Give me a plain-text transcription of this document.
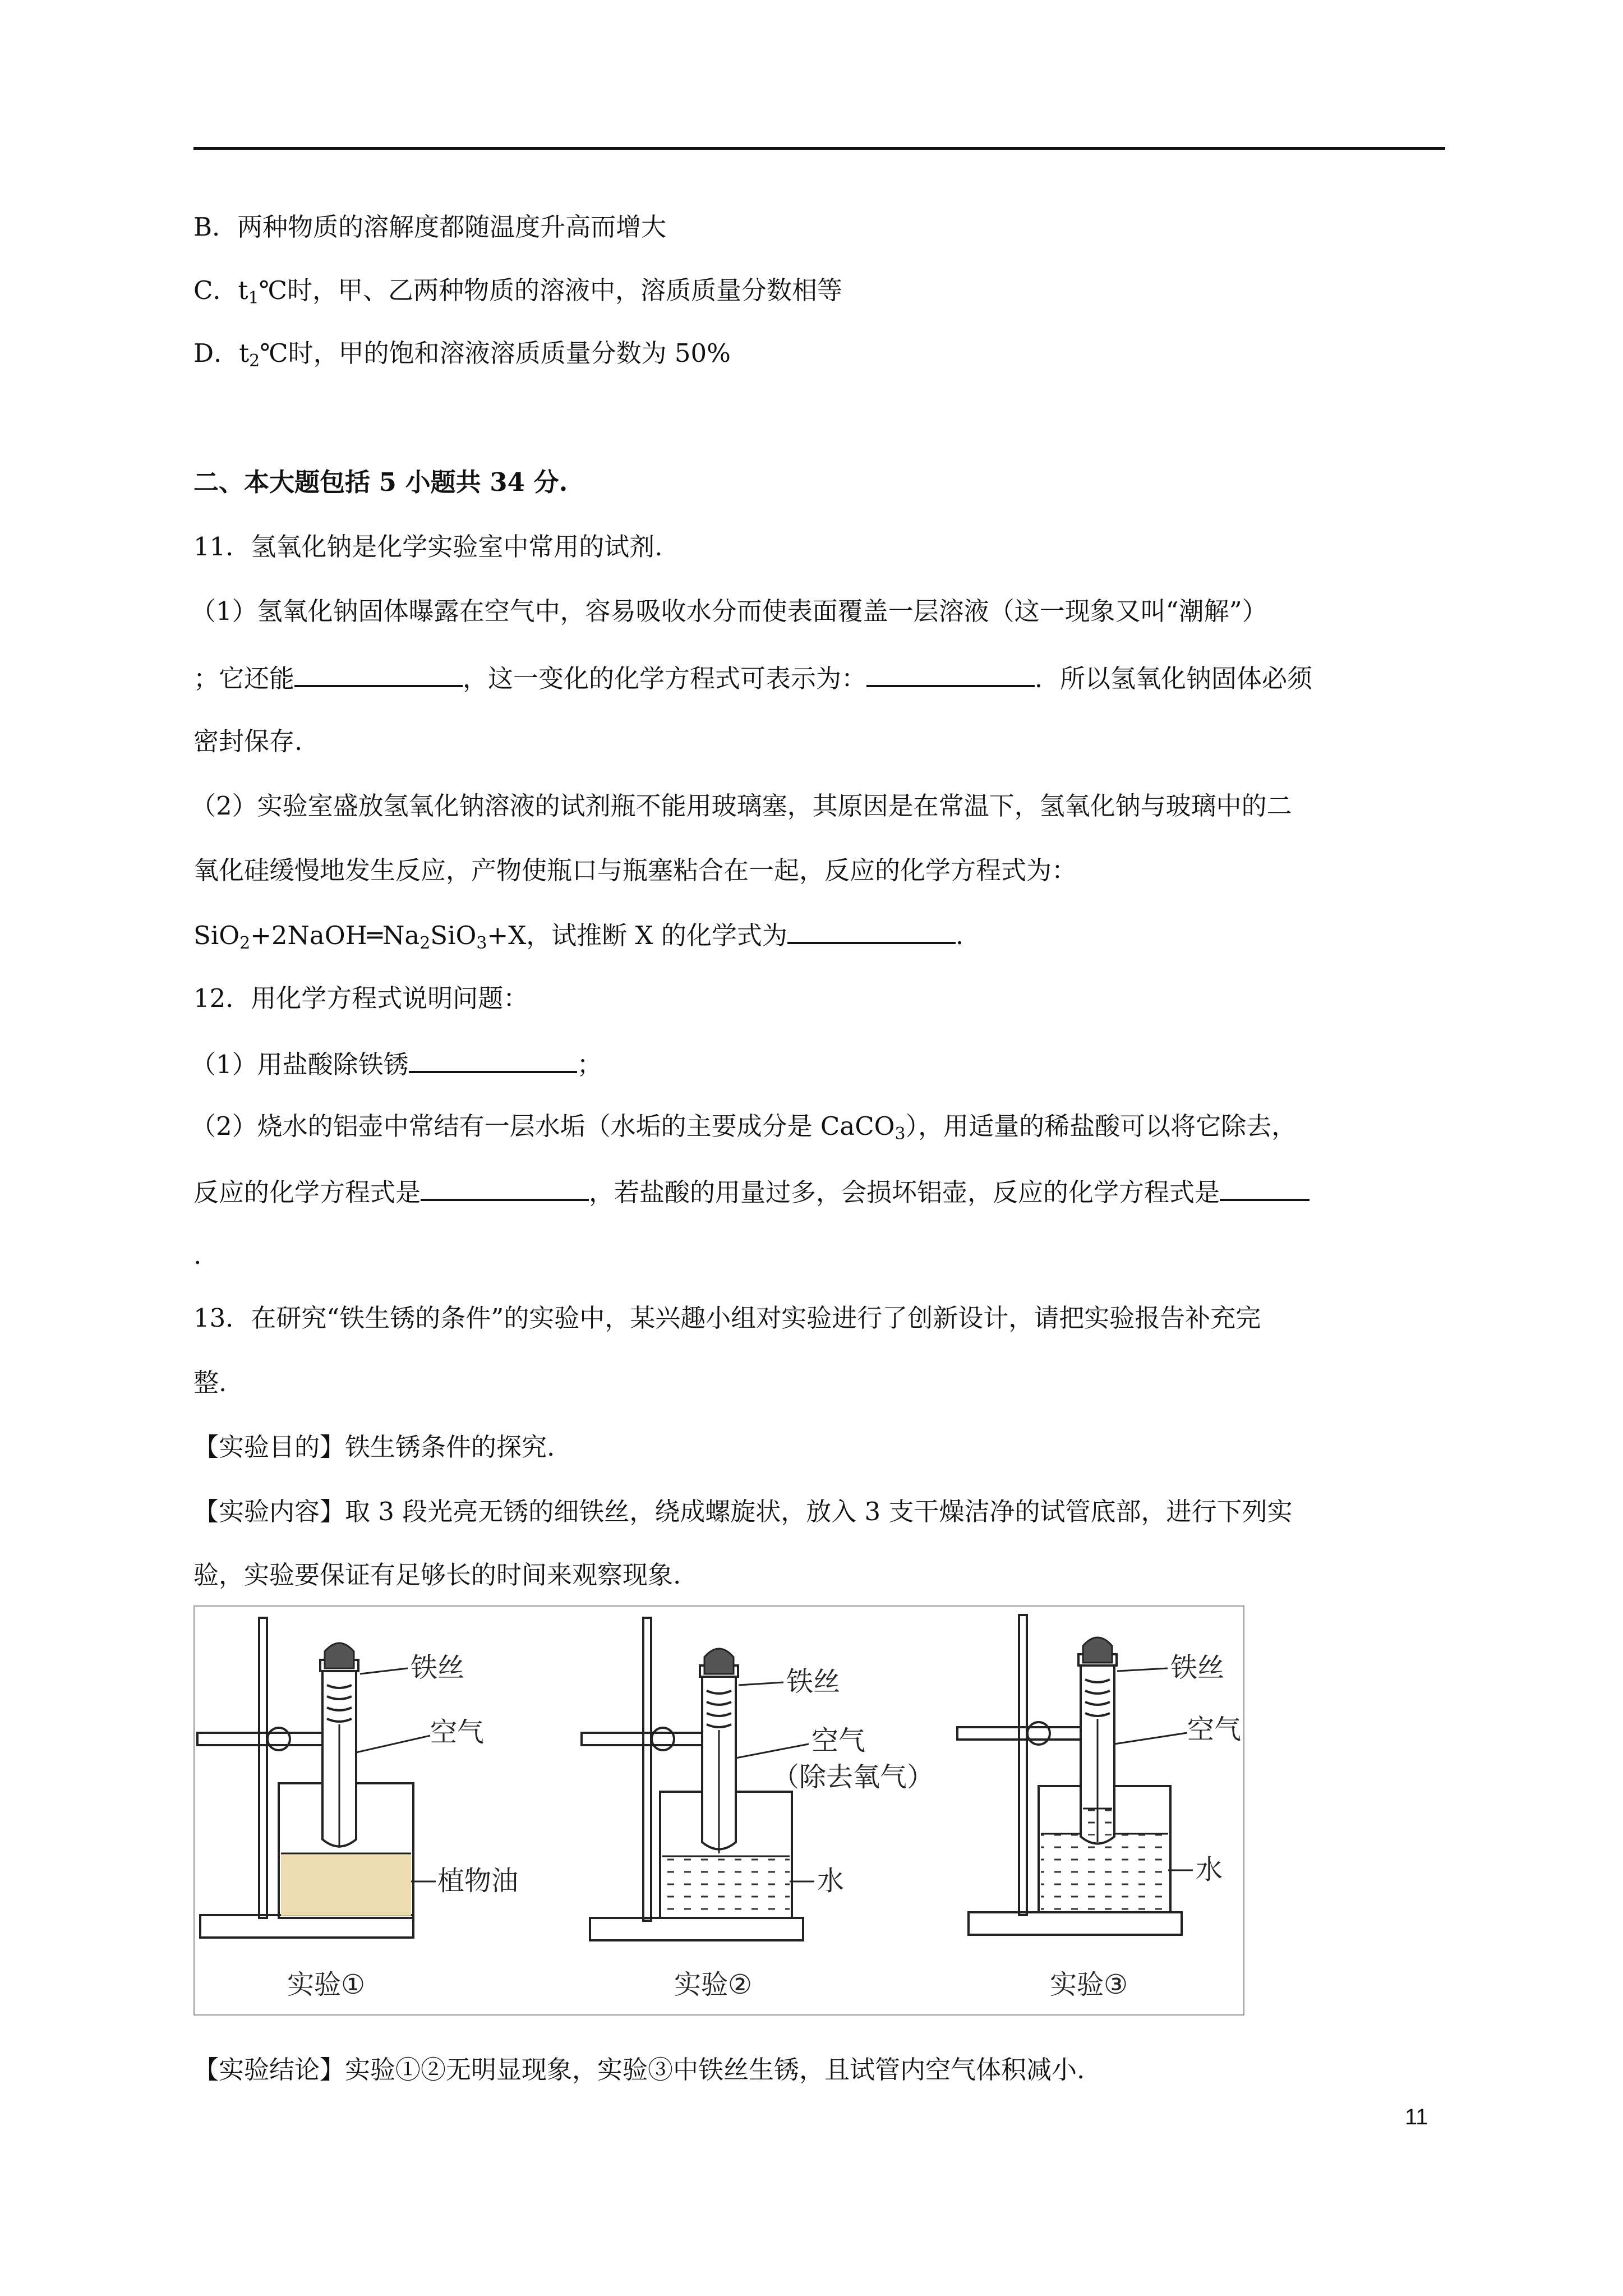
B．两种物质的溶解度都随温度升高而增大
C．$t_1℃$时，甲、乙两种物质的溶液中，溶质质量分数相等
D．$t_2℃$时，甲的饱和溶液溶质质量分数为 50%
二、本大题包括 5 小题共 34 分.
11．氢氧化钠是化学实验室中常用的试剂.
（1）氢氧化钠固体曝露在空气中，容易吸收水分而使表面覆盖一层溶液（这一现象又叫“潮解”）
；它还能	，这一变化的化学方程式可表示为：	．所以氢氧化钠固体必须
密封保存.
（2）实验室盛放氢氧化钠溶液的试剂瓶不能用玻璃塞，其原因是在常温下，氢氧化钠与玻璃中的二
氧化硅缓慢地发生反应，产物使瓶口与瓶塞粘合在一起，反应的化学方程式为：
$SiO_2+2NaOH═Na_2SiO_3+X$，试推断 X 的化学式为	.
12．用化学方程式说明问题：
（1）用盐酸除铁锈	；
（2）烧水的铝壶中常结有一层水垢（水垢的主要成分是 CaCO$_3$），用适量的稀盐酸可以将它除去，
反应的化学方程式是	，若盐酸的用量过多，会损坏铝壶，反应的化学方程式是
.
13．在研究“铁生锈的条件”的实验中，某兴趣小组对实验进行了创新设计，请把实验报告补充完
整.
【实验目的】铁生锈条件的探究.
【实验内容】取 3 段光亮无锈的细铁丝，绕成螺旋状，放入 3 支干燥洁净的试管底部，进行下列实
验，实验要保证有足够长的时间来观察现象.
铁丝
空气
植物油
实验①
铁丝
空气
（除去氧气）
水
实验②
铁丝
空气
水
实验③
【实验结论】实验①②无明显现象，实验③中铁丝生锈，且试管内空气体积减小.
11
